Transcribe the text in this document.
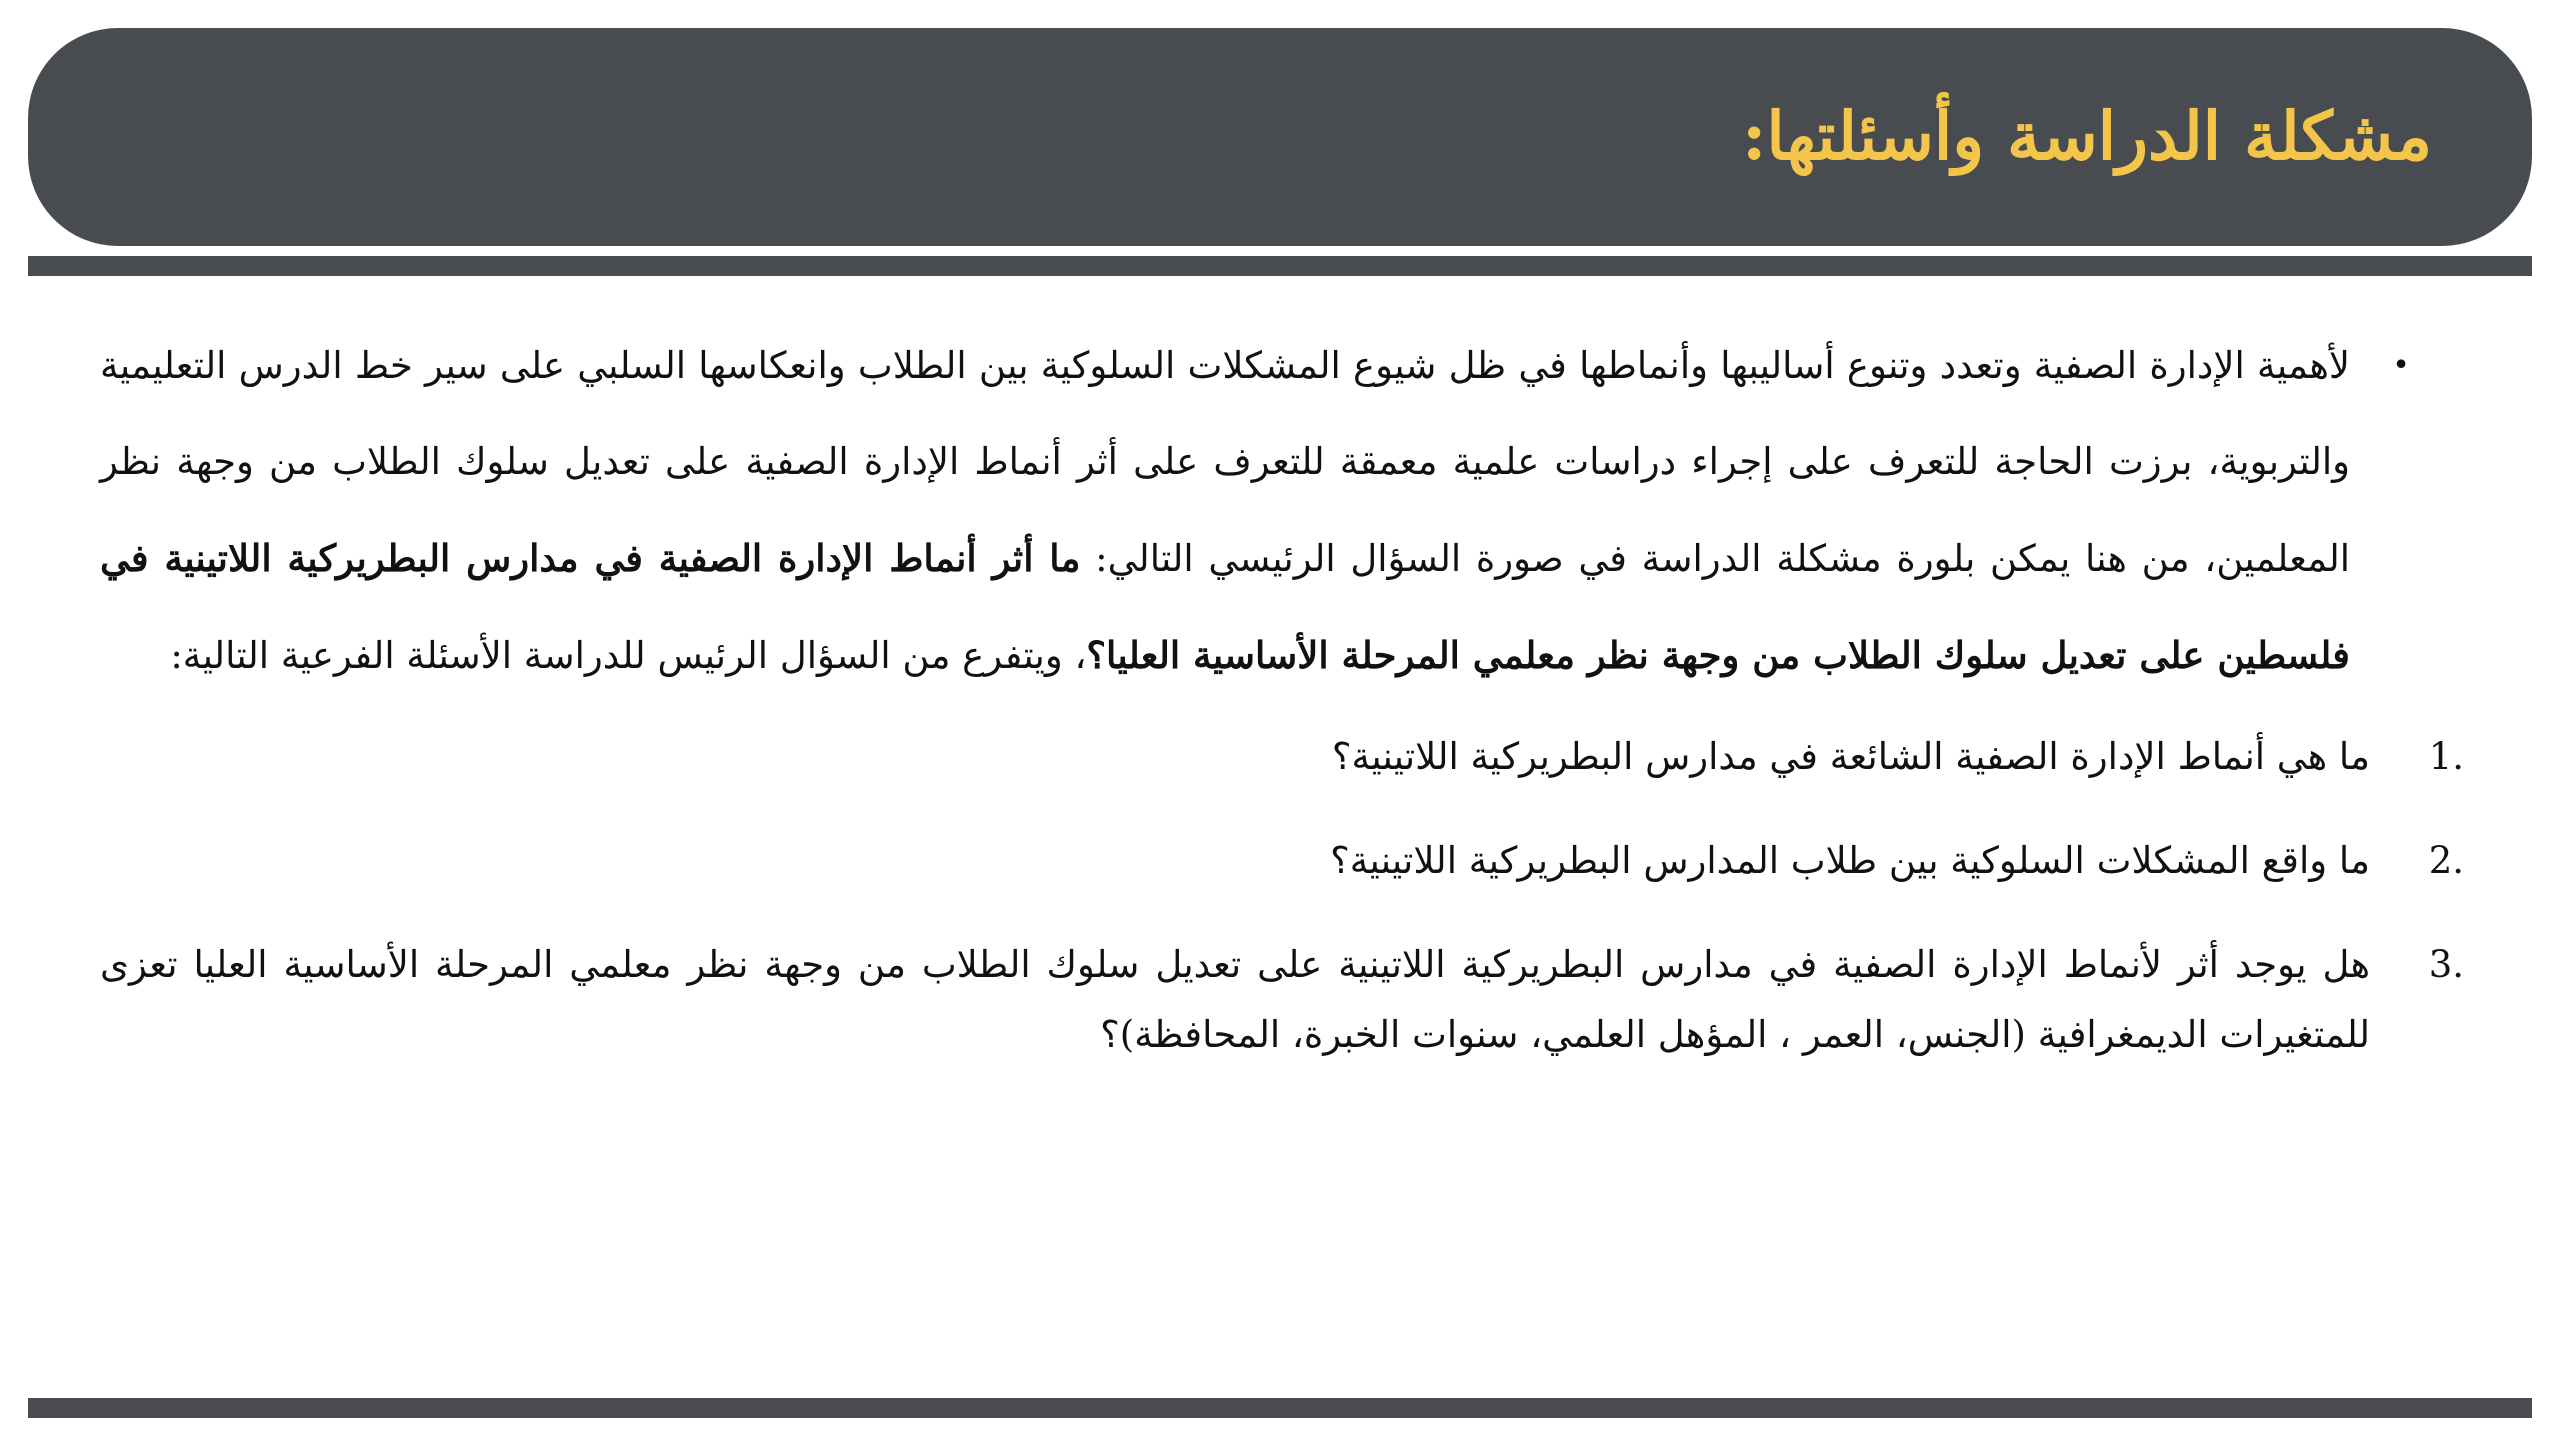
مشكلة الدراسة وأسئلتها:

•
لأهمية الإدارة الصفية وتعدد وتنوع أساليبها وأنماطها في ظل شيوع المشكلات السلوكية بين الطلاب وانعكاسها السلبي على سير خط الدرس التعليمية والتربوية، برزت الحاجة للتعرف على إجراء دراسات علمية معمقة للتعرف على أثر أنماط الإدارة الصفية على تعديل سلوك الطلاب من وجهة نظر المعلمين، من هنا يمكن بلورة مشكلة الدراسة في صورة السؤال الرئيسي التالي: ما أثر أنماط الإدارة الصفية في مدارس البطريركية اللاتينية في فلسطين على تعديل سلوك الطلاب من وجهة نظر معلمي المرحلة الأساسية العليا؟، ويتفرع من السؤال الرئيس للدراسة الأسئلة الفرعية التالية:

1.
ما هي أنماط الإدارة الصفية الشائعة في مدارس البطريركية اللاتينية؟
2.
ما واقع المشكلات السلوكية بين طلاب المدارس البطريركية اللاتينية؟
3.
هل يوجد أثر لأنماط الإدارة الصفية في مدارس البطريركية اللاتينية على تعديل سلوك الطلاب من وجهة نظر معلمي المرحلة الأساسية العليا تعزى للمتغيرات الديمغرافية (الجنس، العمر ، المؤهل العلمي، سنوات الخبرة، المحافظة)؟
